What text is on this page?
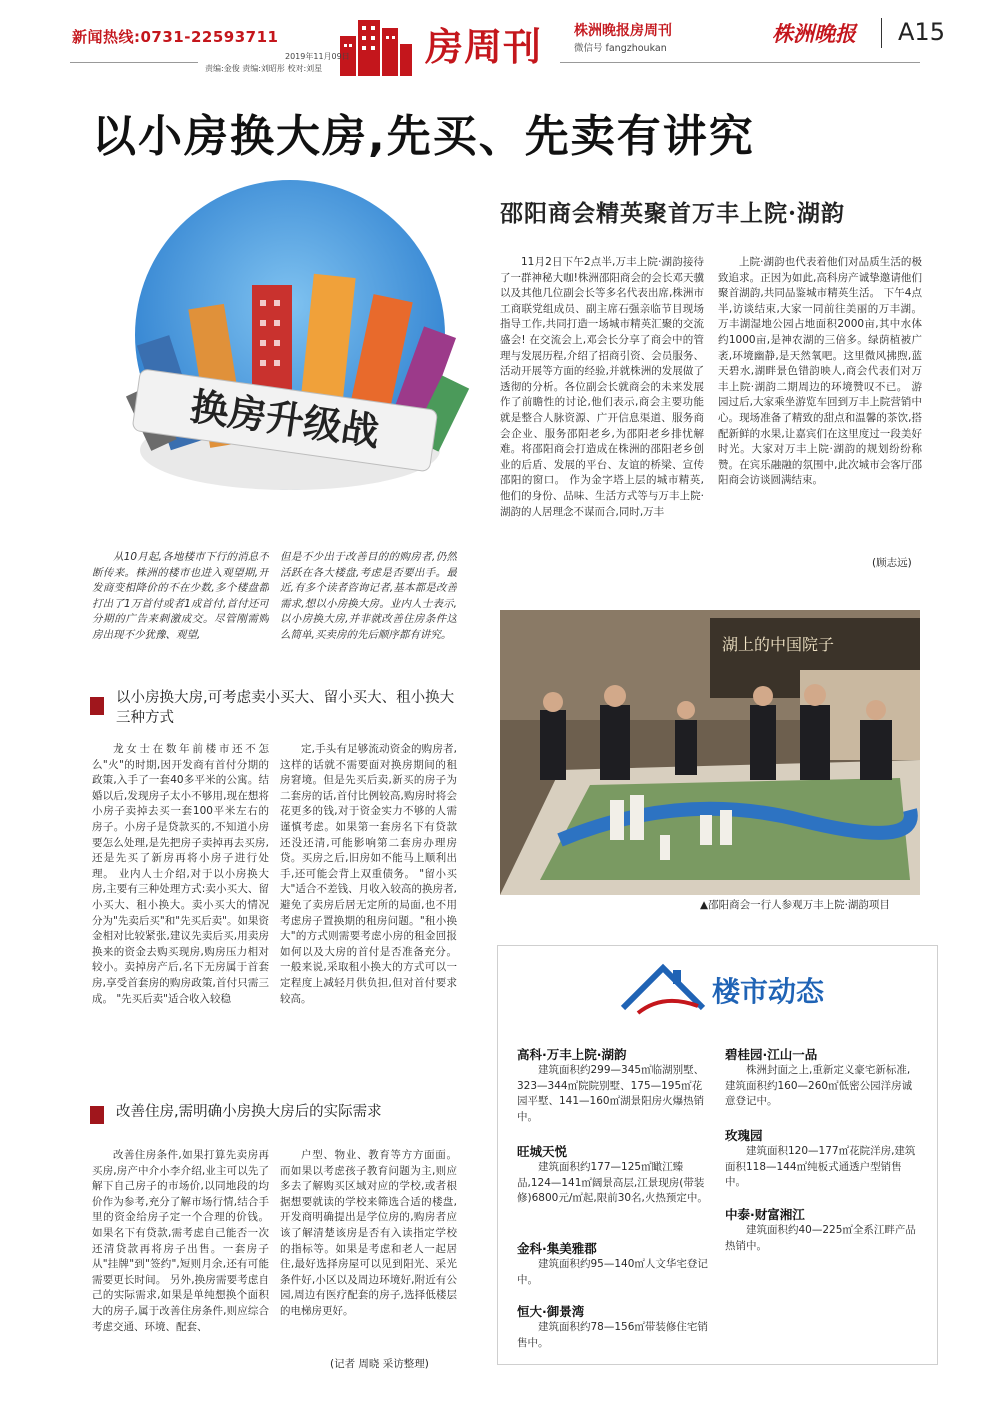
新闻热线:0731-22593711	房周刊
2019年11月09日
责编:金俊 责编:刘昭彤 校对:刘星
株洲晚报房周刊
微信号 fangzhoukan
株洲晚报 A15
以小房换大房,先买、先卖有讲究
换房升级战

从10月起,各地楼市下行的消息不断传来。株洲的楼市也进入观望期,开发商变相降价的不在少数,多个楼盘都打出了1万首付或者1成首付,首付还可分期的广告来刺激成交。尽管刚需购房出现不少犹豫、观望,

但是不少出于改善目的的购房者,仍然活跃在各大楼盘,考虑是否要出手。最近,有多个读者咨询记者,基本都是改善需求,想以小房换大房。业内人士表示,以小房换大房,并非就改善住房条件这么简单,买卖房的先后顺序都有讲究。

以小房换大房,可考虑卖小买大、留小买大、租小换大三种方式

龙女士在数年前楼市还不怎么"火"的时期,因开发商有首付分期的政策,入手了一套40多平米的公寓。结婚以后,发现房子太小不够用,现在想将小房子卖掉去买一套100平米左右的房子。小房子是贷款买的,不知道小房要怎么处理,是先把房子卖掉再去买房,还是先买了新房再将小房子进行处理。 业内人士介绍,对于以小房换大房,主要有三种处理方式:卖小买大、留小买大、租小换大。卖小买大的情况分为"先卖后买"和"先买后卖"。如果资金相对比较紧张,建议先卖后买,用卖房换来的资金去购买现房,购房压力相对较小。卖掉房产后,名下无房属于首套房,享受首套房的购房政策,首付只需三成。 "先买后卖"适合收入较稳

定,手头有足够流动资金的购房者,这样的话就不需要面对换房期间的租房窘境。但是先买后卖,新买的房子为二套房的话,首付比例较高,购房时将会花更多的钱,对于资金实力不够的人需谨慎考虑。如果第一套房名下有贷款还没还清,可能影响第二套房办理房贷。买房之后,旧房如不能马上顺利出手,还可能会背上双重债务。 "留小买大"适合不差钱、月收入较高的换房者,避免了卖房后居无定所的局面,也不用考虑房子置换期的租房问题。"租小换大"的方式则需要考虑小房的租金回报如何以及大房的首付是否准备充分。一般来说,采取租小换大的方式可以一定程度上减轻月供负担,但对首付要求较高。

改善住房,需明确小房换大房后的实际需求

改善住房条件,如果打算先卖房再买房,房产中介小李介绍,业主可以先了解下自己房子的市场价,以同地段的均价作为参考,充分了解市场行情,结合手里的资金给房子定一个合理的价钱。如果名下有贷款,需考虑自己能否一次还清贷款再将房子出售。一套房子从"挂牌"到"签约",短则月余,还有可能需要更长时间。 另外,换房需要考虑自己的实际需求,如果是单纯想换个面积大的房子,属于改善住房条件,则应综合考虑交通、环境、配套、

户型、物业、教育等方方面面。而如果以考虑孩子教育问题为主,则应多去了解购买区域对应的学校,或者根据想要就读的学校来筛选合适的楼盘,开发商明确提出是学位房的,购房者应该了解清楚该房是否有入读指定学校的指标等。如果是考虑和老人一起居住,最好选择房屋可以见到阳光、采光条件好,小区以及周边环境好,附近有公园,周边有医疗配套的房子,选择低楼层的电梯房更好。

(记者 周晓 采访整理)
邵阳商会精英聚首万丰上院·湖韵

11月2日下午2点半,万丰上院·湖韵接待了一群神秘大咖!株洲邵阳商会的会长邓天骥以及其他几位副会长等多名代表出席,株洲市工商联党组成员、副主席石强亲临节目现场指导工作,共同打造一场城市精英汇聚的交流盛会! 在交流会上,邓会长分享了商会中的管理与发展历程,介绍了招商引资、会员服务、活动开展等方面的经验,并就株洲的发展做了透彻的分析。各位副会长就商会的未来发展作了前瞻性的讨论,他们表示,商会主要功能就是整合人脉资源、广开信息渠道、服务商会企业、服务邵阳老乡,为邵阳老乡排忧解难。将邵阳商会打造成在株洲的邵阳老乡创业的后盾、发展的平台、友谊的桥梁、宣传邵阳的窗口。 作为金字塔上层的城市精英,他们的身份、品味、生活方式等与万丰上院·湖韵的人居理念不谋而合,同时,万丰

上院·湖韵也代表着他们对品质生活的极致追求。正因为如此,高科房产诚挚邀请他们聚首湖韵,共同品鉴城市精英生活。 下午4点半,访谈结束,大家一同前往美丽的万丰湖。万丰湖湿地公园占地面积2000亩,其中水体约1000亩,是神农湖的三倍多。绿荫植被广袤,环境幽静,是天然氧吧。这里微风拂煦,蓝天碧水,湖畔景色错韵映人,商会代表们对万丰上院·湖韵二期周边的环境赞叹不已。 游园过后,大家乘坐游览车回到万丰上院营销中心。现场准备了精致的甜点和温馨的茶饮,搭配新鲜的水果,让嘉宾们在这里度过一段美好时光。大家对万丰上院·湖韵的规划纷纷称赞。在宾乐融融的氛围中,此次城市会客厅邵阳商会访谈圆满结束。

(顾志远)
湖上的中国院子
▲邵阳商会一行人参观万丰上院·湖韵项目
楼市动态
高科·万丰上院·湖韵
建筑面积约299—345㎡临湖别墅、323—344㎡院院别墅、175—195㎡花园平墅、141—160㎡湖景阳房火爆热销中。
旺城天悦
建筑面积约177—125㎡瞰江臻品,124—141㎡阔景高层,江景现房(带装修)6800元/㎡起,限前30名,火热预定中。
金科·集美雅郡
建筑面积约95—140㎡人文华宅登记中。
恒大·御景湾
建筑面积约78—156㎡带装修住宅销售中。
碧桂园·江山一品
株洲封面之上,重新定义豪宅新标准,建筑面积约160—260㎡低密公园洋房诚意登记中。
玫瑰园
建筑面积120—177㎡花院洋房,建筑面积118—144㎡纯板式通透户型销售中。
中泰·财富湘江
建筑面积约40—225㎡全系江畔产品热销中。
